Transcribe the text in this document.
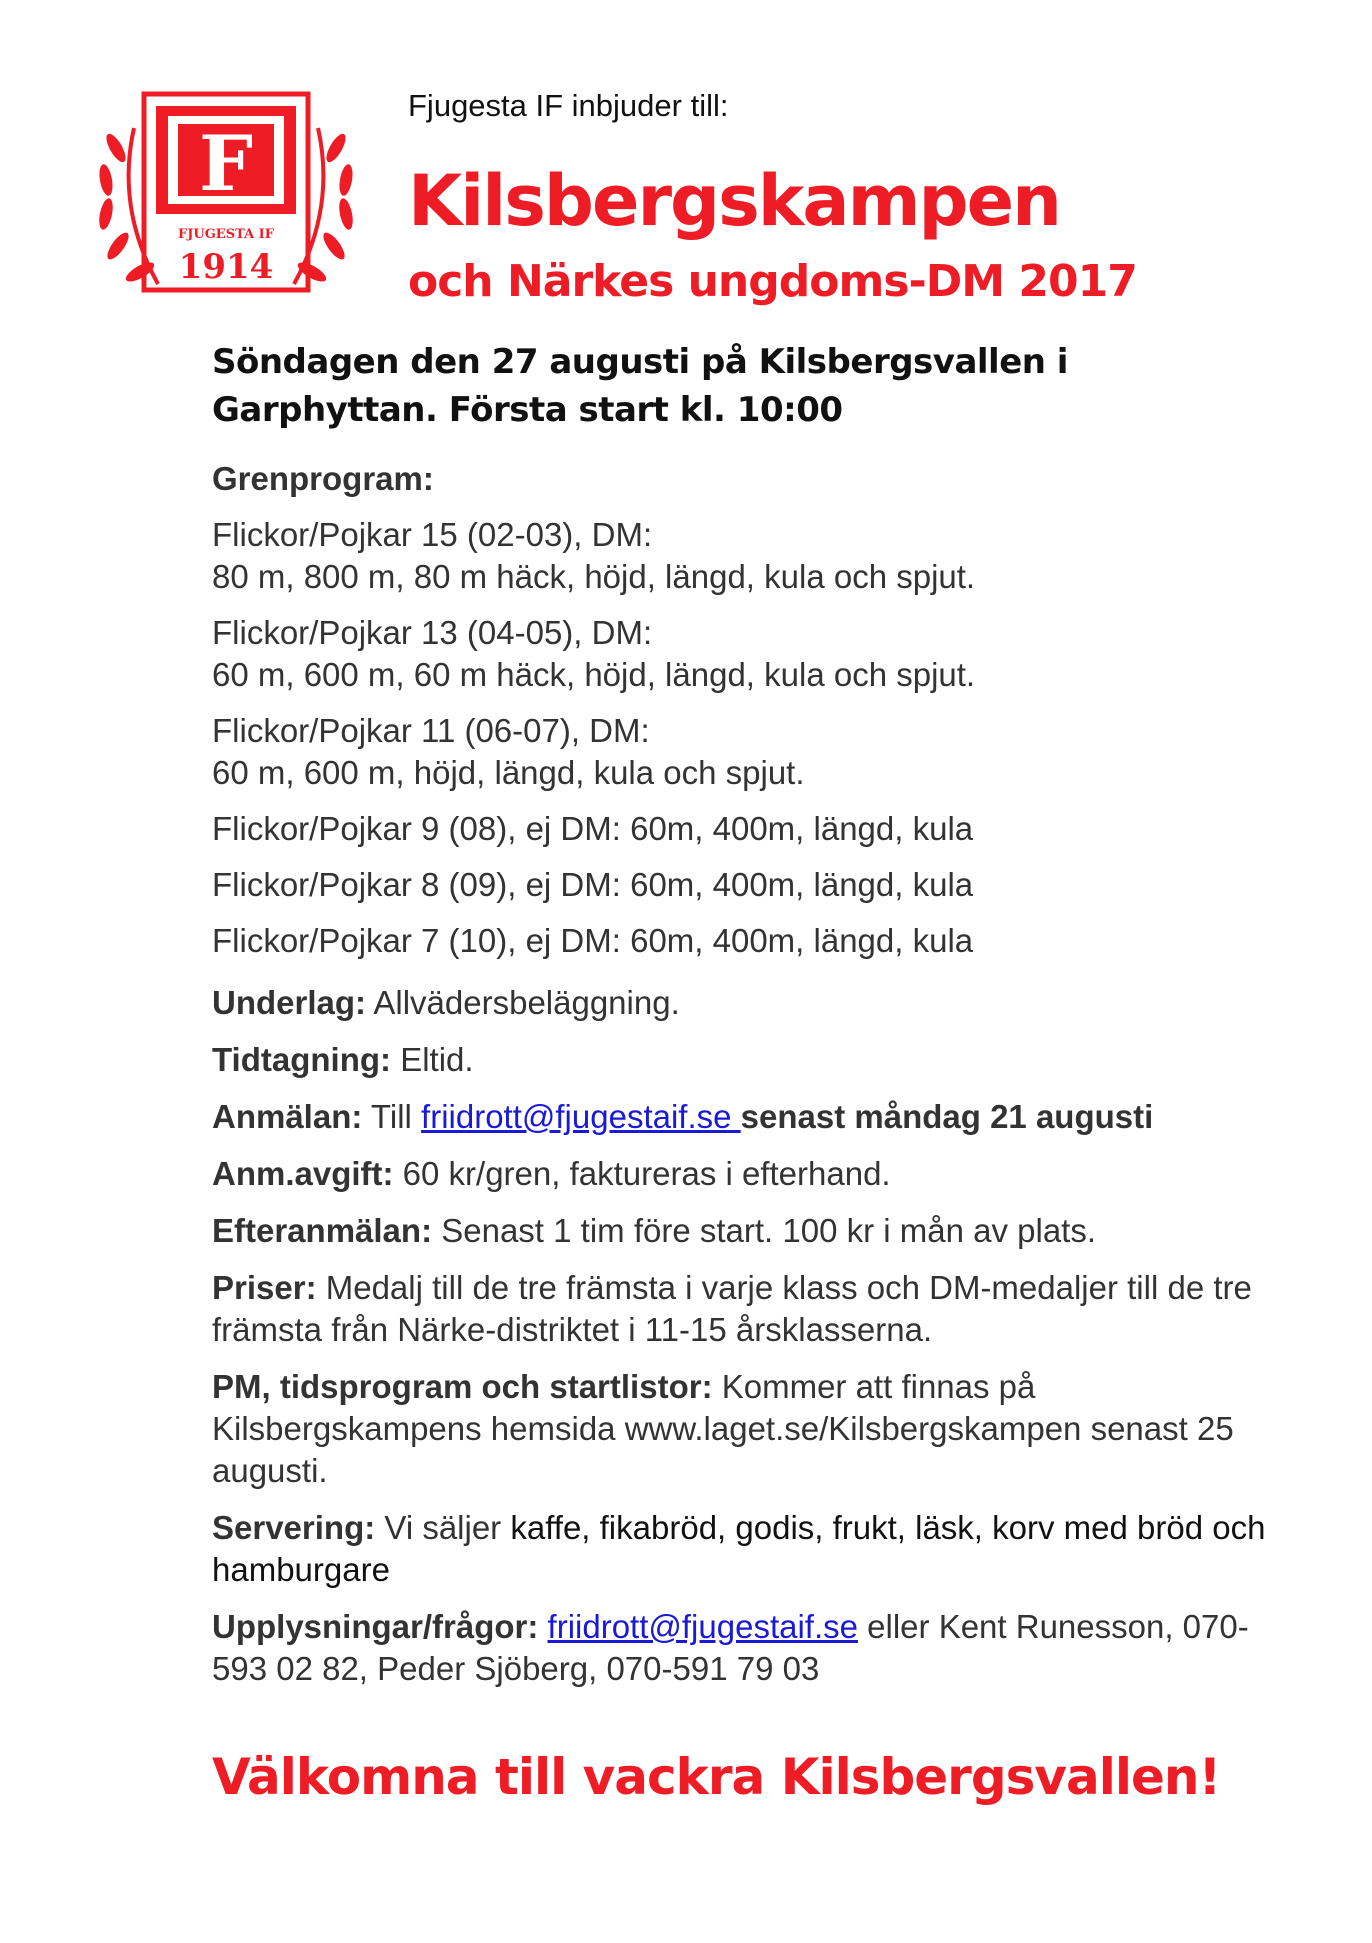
F
FJUGESTA IF
1914
Fjugesta IF inbjuder till:
Kilsbergskampen
och Närkes ungdoms-DM 2017
Söndagen den 27 augusti på Kilsbergsvallen i Garphyttan. Första start kl. 10:00
Grenprogram:
Flickor/Pojkar 15 (02-03), DM:
80 m, 800 m, 80 m häck, höjd, längd, kula och spjut.
Flickor/Pojkar 13 (04-05), DM:
60 m, 600 m, 60 m häck, höjd, längd, kula och spjut.
Flickor/Pojkar 11 (06-07), DM:
60 m, 600 m, höjd, längd, kula och spjut.
Flickor/Pojkar 9 (08), ej DM: 60m, 400m, längd, kula
Flickor/Pojkar 8 (09), ej DM: 60m, 400m, längd, kula
Flickor/Pojkar 7 (10), ej DM: 60m, 400m, längd, kula
Underlag: Allvädersbeläggning.
Tidtagning: Eltid.
Anmälan: Till friidrott@fjugestaif.se senast måndag 21 augusti
Anm.avgift: 60 kr/gren, faktureras i efterhand.
Efteranmälan: Senast 1 tim före start. 100 kr i mån av plats.
Priser: Medalj till de tre främsta i varje klass och DM-medaljer till de tre främsta från Närke-distriktet i 11-15 årsklasserna.
PM, tidsprogram och startlistor: Kommer att finnas på Kilsbergskampens hemsida www.laget.se/Kilsbergskampen senast 25 augusti.
Servering: Vi säljer kaffe, fikabröd, godis, frukt, läsk, korv med bröd och hamburgare
Upplysningar/frågor: friidrott@fjugestaif.se eller Kent Runesson, 070-593 02 82, Peder Sjöberg, 070-591 79 03
Välkomna till vackra Kilsbergsvallen!
